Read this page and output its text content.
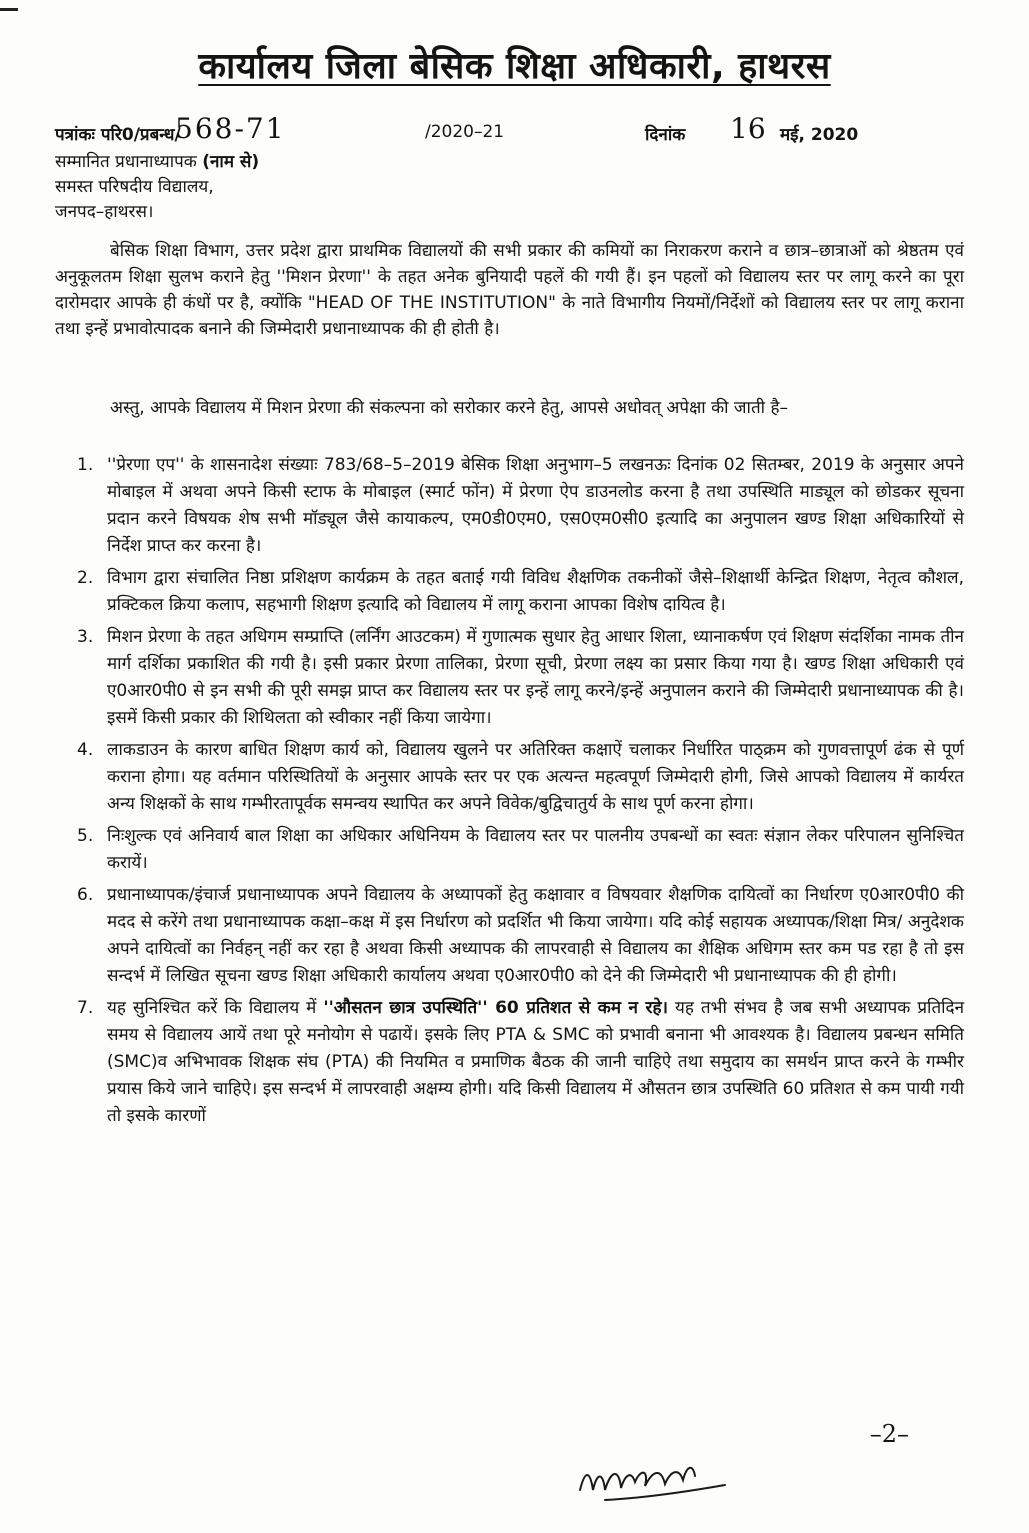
कार्यालय जिला बेसिक शिक्षा अधिकारी, हाथरस
पत्रांकः परि0/प्रबन्ध/
568-71	/2020–21	दिनांक 16 मई, 2020
सम्मानित प्रधानाध्यापक (नाम से)
समस्त परिषदीय विद्यालय,
जनपद–हाथरस।
बेसिक शिक्षा विभाग, उत्तर प्रदेश द्वारा प्राथमिक विद्यालयों की सभी प्रकार की कमियों का निराकरण कराने व छात्र–छात्राओं को श्रेष्ठतम एवं अनुकूलतम शिक्षा सुलभ कराने हेतु ''मिशन प्रेरणा'' के तहत अनेक बुनियादी पहलें की गयी हैं। इन पहलों को विद्यालय स्तर पर लागू करने का पूरा दारोमदार आपके ही कंधों पर है, क्योंकि "HEAD OF THE INSTITUTION" के नाते विभागीय नियमों/निर्देशों को विद्यालय स्तर पर लागू कराना तथा इन्हें प्रभावोत्पादक बनाने की जिम्मेदारी प्रधानाध्यापक की ही होती है।
अस्तु, आपके विद्यालय में मिशन प्रेरणा की संकल्पना को सरोकार करने हेतु, आपसे अधोवत् अपेक्षा की जाती है–
1. ''प्रेरणा एप'' के शासनादेश संख्याः 783/68–5–2019 बेसिक शिक्षा अनुभाग–5 लखनऊः दिनांक 02 सितम्बर, 2019 के अनुसार अपने मोबाइल में अथवा अपने किसी स्टाफ के मोबाइल (स्मार्ट फोंन) में प्रेरणा ऐप डाउनलोड करना है तथा उपस्थिति माड्यूल को छोडकर सूचना प्रदान करने विषयक शेष सभी मॉड्यूल जैसे कायाकल्प, एम0डी0एम0, एस0एम0सी0 इत्यादि का अनुपालन खण्ड शिक्षा अधिकारियों से निर्देश प्राप्त कर करना है।
2. विभाग द्वारा संचालित निष्ठा प्रशिक्षण कार्यक्रम के तहत बताई गयी विविध शैक्षणिक तकनीकों जैसे–शिक्षार्थी केन्द्रित शिक्षण, नेतृत्व कौशल, प्रक्टिकल क्रिया कलाप, सहभागी शिक्षण इत्यादि को विद्यालय में लागू कराना आपका विशेष दायित्व है।
3. मिशन प्रेरणा के तहत अधिगम सम्प्राप्ति (लर्निंग आउटकम) में गुणात्मक सुधार हेतु आधार शिला, ध्यानाकर्षण एवं शिक्षण संदर्शिका नामक तीन मार्ग दर्शिका प्रकाशित की गयी है। इसी प्रकार प्रेरणा तालिका, प्रेरणा सूची, प्रेरणा लक्ष्य का प्रसार किया गया है। खण्ड शिक्षा अधिकारी एवं ए0आर0पी0 से इन सभी की पूरी समझ प्राप्त कर विद्यालय स्तर पर इन्हें लागू करने/इन्हें अनुपालन कराने की जिम्मेदारी प्रधानाध्यापक की है। इसमें किसी प्रकार की शिथिलता को स्वीकार नहीं किया जायेगा।
4. लाकडाउन के कारण बाधित शिक्षण कार्य को, विद्यालय खुलने पर अतिरिक्त कक्षाऐं चलाकर निर्धारित पाठ्क्रम को गुणवत्तापूर्ण ढंक से पूर्ण कराना होगा। यह वर्तमान परिस्थितियों के अनुसार आपके स्तर पर एक अत्यन्त महत्वपूर्ण जिम्मेदारी होगी, जिसे आपको विद्यालय में कार्यरत अन्य शिक्षकों के साथ गम्भीरतापूर्वक समन्वय स्थापित कर अपने विवेक/बुद्विचातुर्य के साथ पूर्ण करना होगा।
5. निःशुल्क एवं अनिवार्य बाल शिक्षा का अधिकार अधिनियम के विद्यालय स्तर पर पालनीय उपबन्धों का स्वतः संज्ञान लेकर परिपालन सुनिश्चित करायें।
6. प्रधानाध्यापक/इंचार्ज प्रधानाध्यापक अपने विद्यालय के अध्यापकों हेतु कक्षावार व विषयवार शैक्षणिक दायित्वों का निर्धारण ए0आर0पी0 की मदद से करेंगे तथा प्रधानाध्यापक कक्षा–कक्ष में इस निर्धारण को प्रदर्शित भी किया जायेगा। यदि कोई सहायक अध्यापक/शिक्षा मित्र/ अनुदेशक अपने दायित्वों का निर्वहन् नहीं कर रहा है अथवा किसी अध्यापक की लापरवाही से विद्यालय का शैक्षिक अधिगम स्तर कम पड रहा है तो इस सन्दर्भ में लिखित सूचना खण्ड शिक्षा अधिकारी कार्यालय अथवा ए0आर0पी0 को देने की जिम्मेदारी भी प्रधानाध्यापक की ही होगी।
7. यह सुनिश्चित करें कि विद्यालय में ''औसतन छात्र उपस्थिति'' 60 प्रतिशत से कम न रहे। यह तभी संभव है जब सभी अध्यापक प्रतिदिन समय से विद्यालय आयें तथा पूरे मनोयोग से पढायें। इसके लिए PTA & SMC को प्रभावी बनाना भी आवश्यक है। विद्यालय प्रबन्धन समिति (SMC)व अभिभावक शिक्षक संघ (PTA) की नियमित व प्रमाणिक बैठक की जानी चाहिऐ तथा समुदाय का समर्थन प्राप्त करने के गम्भीर प्रयास किये जाने चाहिऐ। इस सन्दर्भ में लापरवाही अक्षम्य होगी। यदि किसी विद्यालय में औसतन छात्र उपस्थिति 60 प्रतिशत से कम पायी गयी तो इसके कारणों
–2–
